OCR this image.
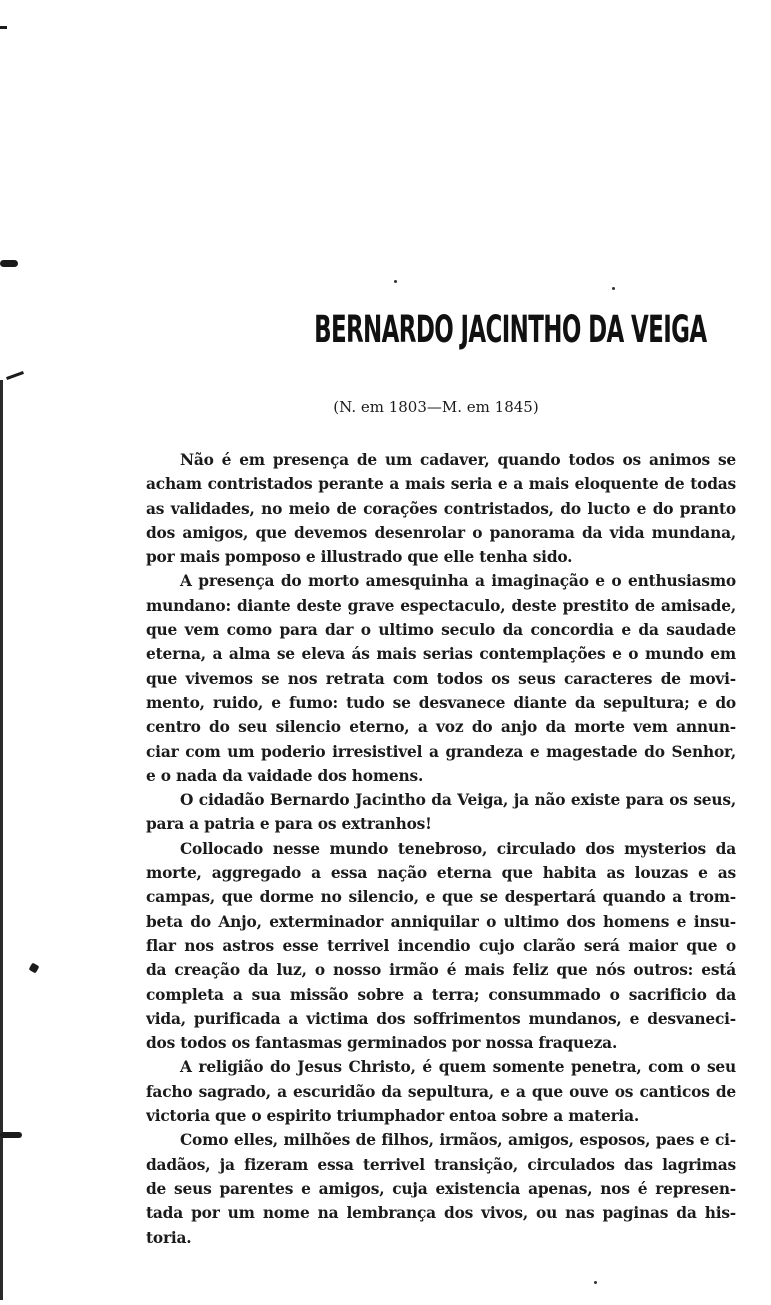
BERNARDO JACINTHO DA VEIGA

(N. em 1803—M. em 1845)

Não é em presença de um cadaver, quando todos os animos se
acham contristados perante a mais seria e a mais eloquente de todas
as validades, no meio de corações contristados, do lucto e do pranto
dos amigos, que devemos desenrolar o panorama da vida mundana,
por mais pomposo e illustrado que elle tenha sido.
A presença do morto amesquinha a imaginação e o enthusiasmo
mundano: diante deste grave espectaculo, deste prestito de amisade,
que vem como para dar o ultimo seculo da concordia e da saudade
eterna, a alma se eleva ás mais serias contemplações e o mundo em
que vivemos se nos retrata com todos os seus caracteres de movi-
mento, ruido, e fumo: tudo se desvanece diante da sepultura; e do
centro do seu silencio eterno, a voz do anjo da morte vem annun-
ciar com um poderio irresistivel a grandeza e magestade do Senhor,
e o nada da vaidade dos homens.
O cidadão Bernardo Jacintho da Veiga, ja não existe para os seus,
para a patria e para os extranhos!
Collocado nesse mundo tenebroso, circulado dos mysterios da
morte, aggregado a essa nação eterna que habita as louzas e as
campas, que dorme no silencio, e que se despertará quando a trom-
beta do Anjo, exterminador anniquilar o ultimo dos homens e insu-
flar nos astros esse terrivel incendio cujo clarão será maior que o
da creação da luz, o nosso irmão é mais feliz que nós outros: está
completa a sua missão sobre a terra; consummado o sacrificio da
vida, purificada a victima dos soffrimentos mundanos, e desvaneci-
dos todos os fantasmas germinados por nossa fraqueza.
A religião do Jesus Christo, é quem somente penetra, com o seu
facho sagrado, a escuridão da sepultura, e a que ouve os canticos de
victoria que o espirito triumphador entoa sobre a materia.
Como elles, milhões de filhos, irmãos, amigos, esposos, paes e ci-
dadãos, ja fizeram essa terrivel transição, circulados das lagrimas
de seus parentes e amigos, cuja existencia apenas, nos é represen-
tada por um nome na lembrança dos vivos, ou nas paginas da his-
toria.
